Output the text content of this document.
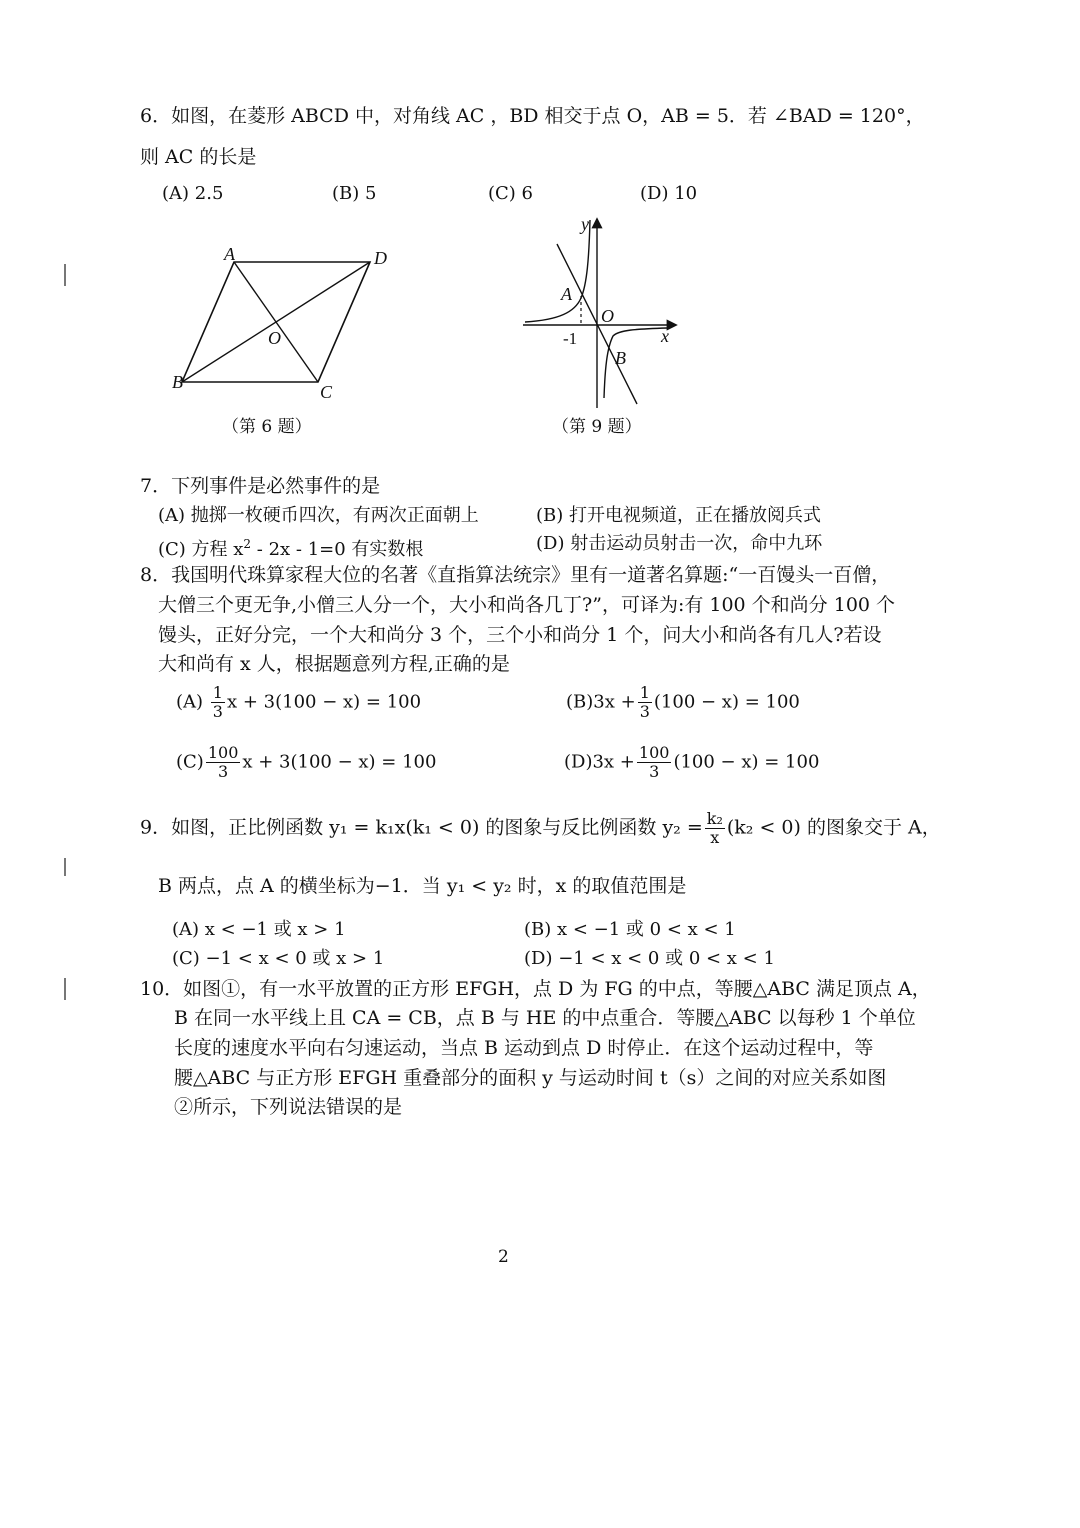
6．如图，在菱形 ABCD 中，对角线 AC ，BD 相交于点 O，AB = 5．若 ∠BAD = 120°，
则 AC 的长是
(A) 2.5	(B) 5	(C) 6	(D) 10
A	D
B	C
O
（第 6 题）
y
x
O
A
B
-1
（第 9 题）
7．下列事件是必然事件的是
(A) 抛掷一枚硬币四次，有两次正面朝上	(B) 打开电视频道，正在播放阅兵式
(C) 方程 $x^2 - 2x - 1=0$ 有实数根	(D) 射击运动员射击一次，命中九环
8．我国明代珠算家程大位的名著《直指算法统宗》里有一道著名算题:“一百馒头一百僧，
大僧三个更无争,小僧三人分一个，大小和尚各几丁?”，可译为:有 100 个和尚分 100 个
馒头，正好分完，一个大和尚分 3 个，三个小和尚分 1 个，问大小和尚各有几人?若设
大和尚有 x 人，根据题意列方程,正确的是
$(A) \frac{1}{3}$ x + 3(100 − x) = 100	$(B)3x + \frac{1}{3} (100 - x) = 100$
$(C) \frac{100}{3}$ x + 3(100 − x) = 100	$(D)3x + \frac{100}{3} (100 - x) = 100$
9．如图，正比例函数 y₁ = k₁x(k₁ < 0) 的图象与反比例函数 $y_2 = \frac{\text{k₂}}{x} (k_2 < 0)$ 的图象交于 A，
B 两点，点 A 的横坐标为−1．当 y₁ < y₂ 时，x 的取值范围是
(A) x < −1 或 x > 1	(B) x < −1 或 0 < x < 1
(C) −1 < x < 0 或 x > 1	(D) −1 < x < 0 或 0 < x < 1
10．如图①，有一水平放置的正方形 EFGH，点 D 为 FG 的中点，等腰△ABC 满足顶点 A，
B 在同一水平线上且 CA = CB，点 B 与 HE 的中点重合．等腰△ABC 以每秒 1 个单位
长度的速度水平向右匀速运动，当点 B 运动到点 D 时停止．在这个运动过程中，等
腰△ABC 与正方形 EFGH 重叠部分的面积 y 与运动时间 t（s）之间的对应关系如图
②所示，下列说法错误的是
2
